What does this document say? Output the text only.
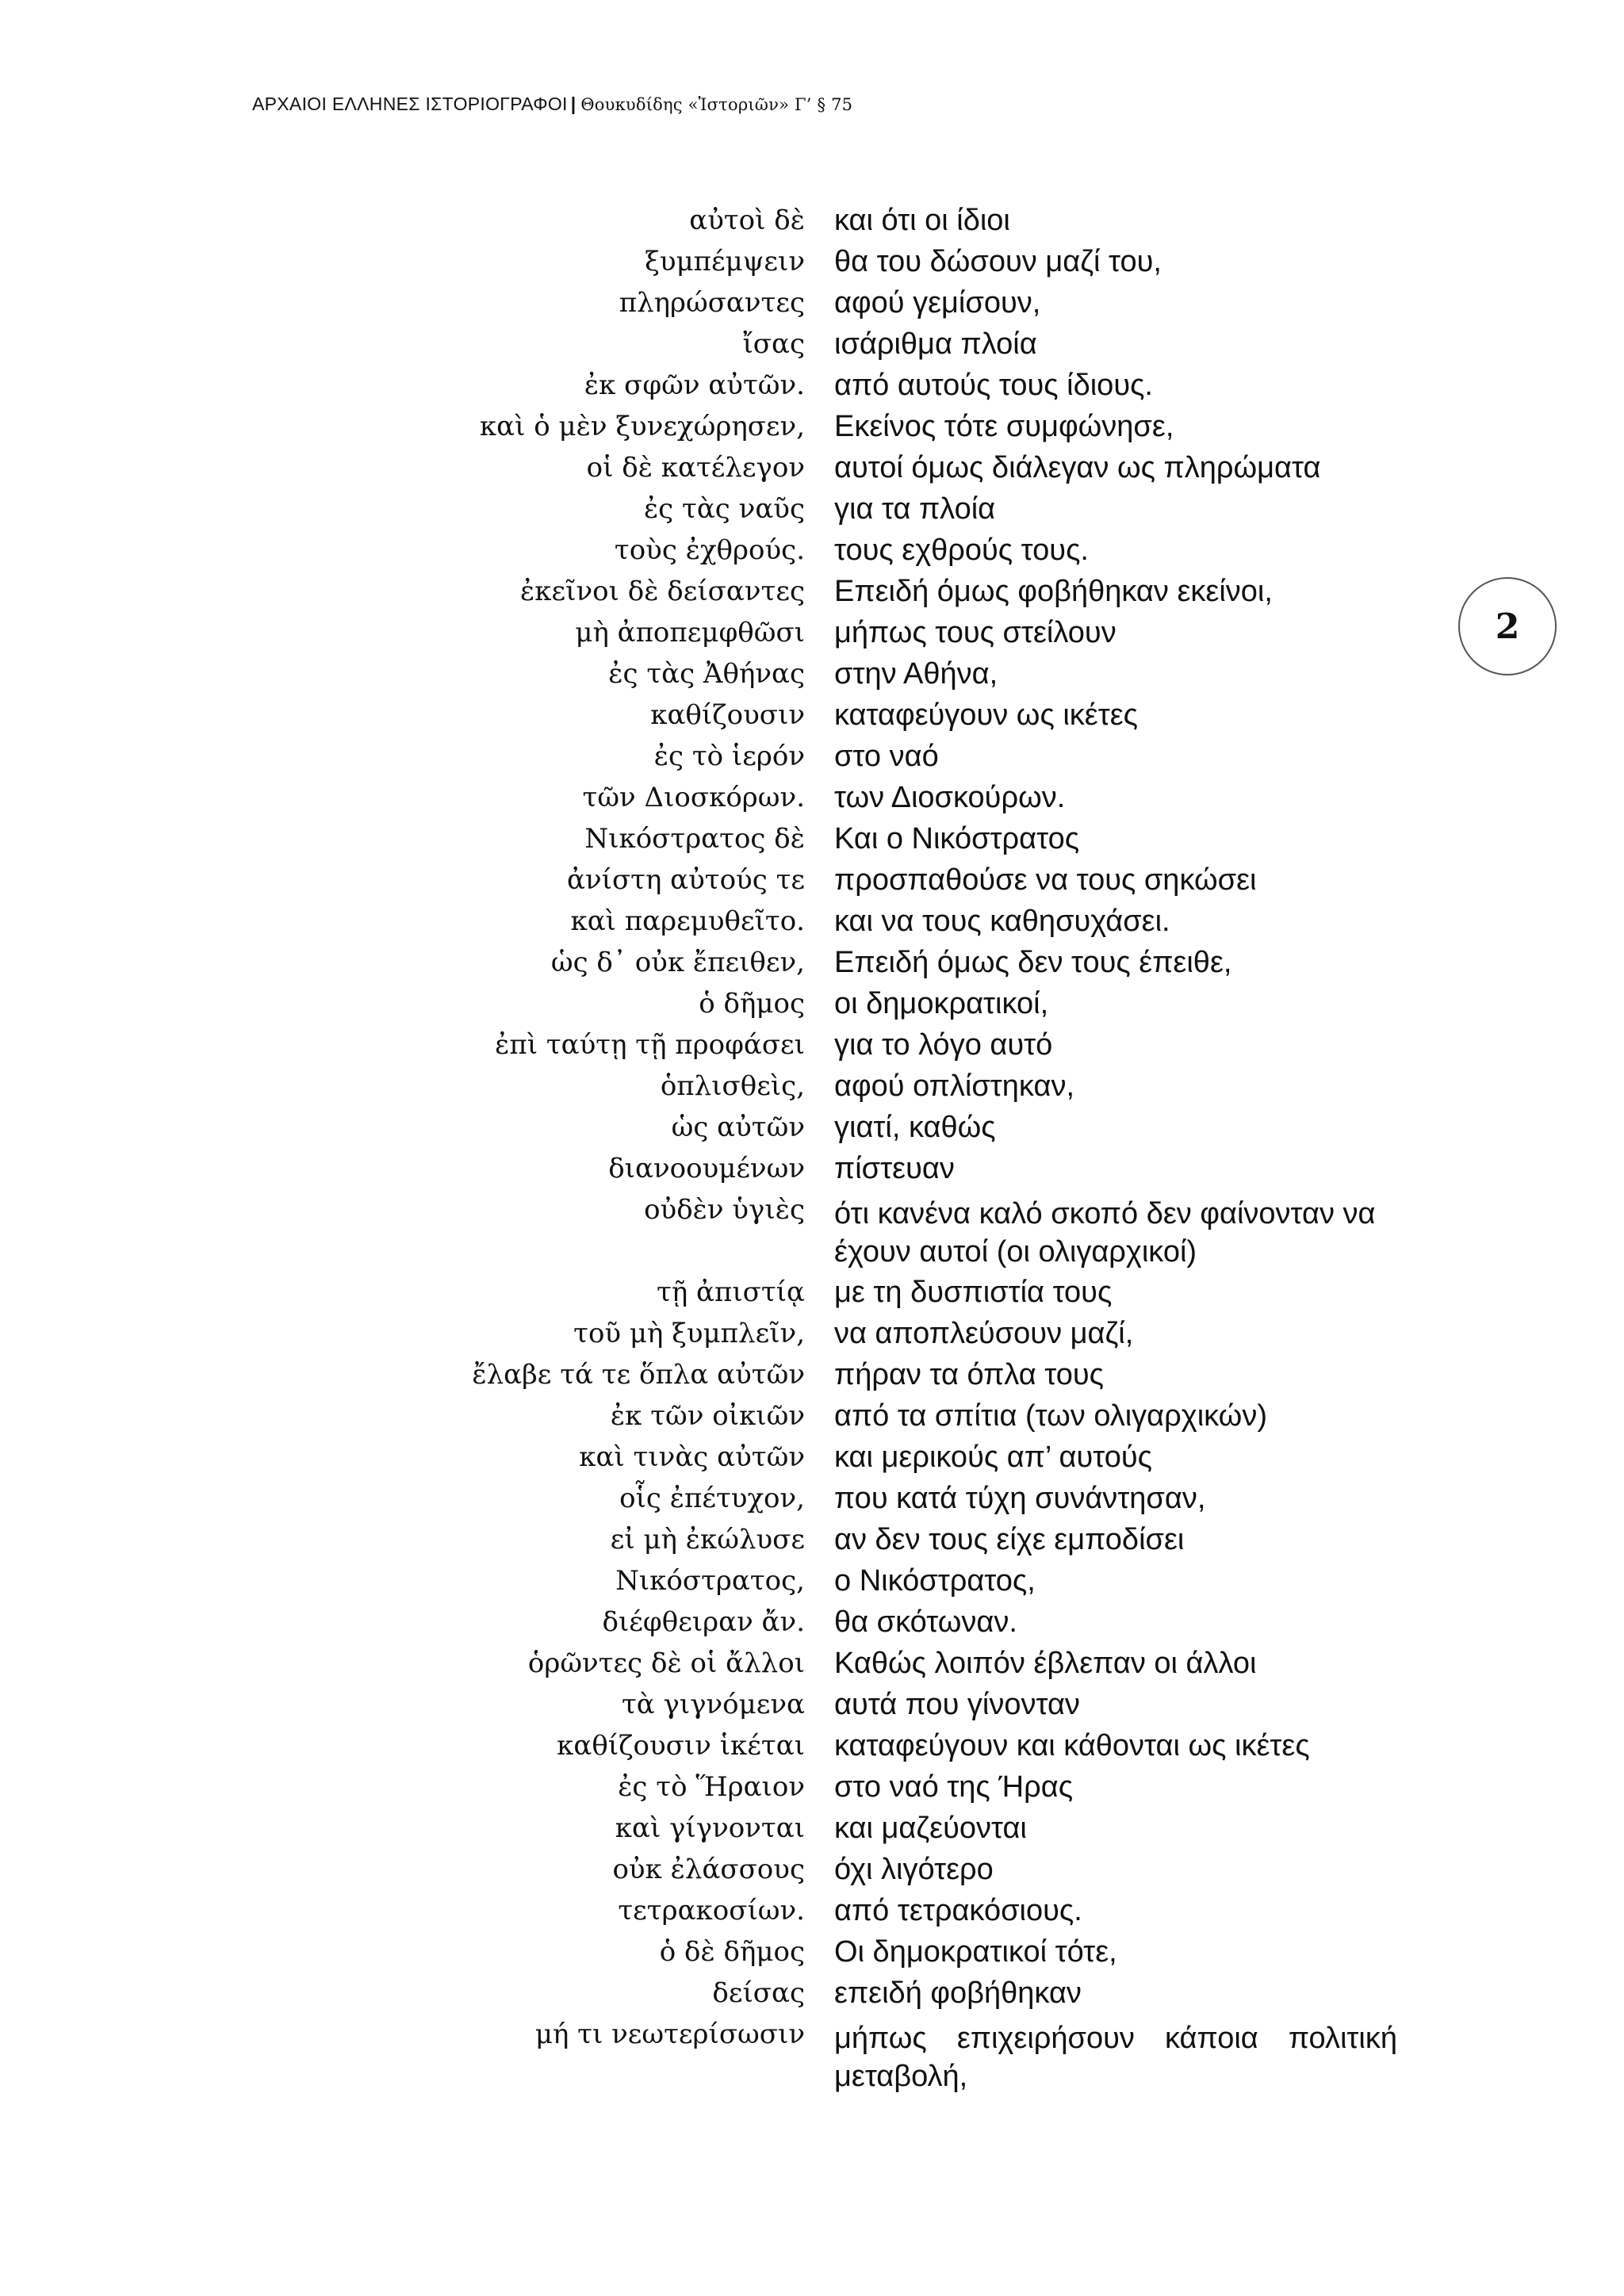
ΑΡΧΑΙΟΙ ΕΛΛΗΝΕΣ ΙΣΤΟΡΙΟΓΡΑΦΟΙ | Θουκυδίδης «Ἱστοριῶν» Γ’ § 75
2
αὐτοὶ δὲ και ότι οι ίδιοι
ξυμπέμψειν θα του δώσουν μαζί του,
πληρώσαντες αφού γεμίσουν,
ἴσας ισάριθμα πλοία
ἐκ σφῶν αὐτῶν. από αυτούς τους ίδιους.
καὶ ὁ μὲν ξυνεχώρησεν, Εκείνος τότε συμφώνησε,
οἱ δὲ κατέλεγον αυτοί όμως διάλεγαν ως πληρώματα
ἐς τὰς ναῦς για τα πλοία
τοὺς ἐχθρούς. τους εχθρούς τους.
ἐκεῖνοι δὲ δείσαντες Επειδή όμως φοβήθηκαν εκείνοι,
μὴ ἀποπεμφθῶσι μήπως τους στείλουν
ἐς τὰς Ἀθήνας στην Αθήνα,
καθίζουσιν καταφεύγουν ως ικέτες
ἐς τὸ ἱερόν στο ναό
τῶν Διοσκόρων. των Διοσκούρων.
Νικόστρατος δὲ Και ο Νικόστρατος
ἀνίστη αὐτούς τε προσπαθούσε να τους σηκώσει
καὶ παρεμυθεῖτο. και να τους καθησυχάσει.
ὡς δ᾽ οὐκ ἔπειθεν, Επειδή όμως δεν τους έπειθε,
ὁ δῆμος οι δημοκρατικοί,
ἐπὶ ταύτῃ τῇ προφάσει για το λόγο αυτό
ὁπλισθεὶς, αφού οπλίστηκαν,
ὡς αὐτῶν γιατί, καθώς
διανοουμένων πίστευαν
οὐδὲν ὑγιὲς ότι κανένα καλό σκοπό δεν φαίνονταν να έχουν αυτοί (οι ολιγαρχικοί)
τῇ ἀπιστίᾳ με τη δυσπιστία τους
τοῦ μὴ ξυμπλεῖν, να αποπλεύσουν μαζί,
ἔλαβε τά τε ὅπλα αὐτῶν πήραν τα όπλα τους
ἐκ τῶν οἰκιῶν από τα σπίτια (των ολιγαρχικών)
καὶ τινὰς αὐτῶν και μερικούς απ’ αυτούς
οἷς ἐπέτυχον, που κατά τύχη συνάντησαν,
εἰ μὴ ἐκώλυσε αν δεν τους είχε εμποδίσει
Νικόστρατος, ο Νικόστρατος,
διέφθειραν ἄν. θα σκότωναν.
ὁρῶντες δὲ οἱ ἄλλοι Καθώς λοιπόν έβλεπαν οι άλλοι
τὰ γιγνόμενα αυτά που γίνονταν
καθίζουσιν ἱκέται καταφεύγουν και κάθονται ως ικέτες
ἐς τὸ Ἥραιον στο ναό της Ήρας
καὶ γίγνονται και μαζεύονται
οὐκ ἐλάσσους όχι λιγότερο
τετρακοσίων. από τετρακόσιους.
ὁ δὲ δῆμος Οι δημοκρατικοί τότε,
δείσας επειδή φοβήθηκαν
μή τι νεωτερίσωσιν μήπως επιχειρήσουν κάποια πολιτική μεταβολή,
